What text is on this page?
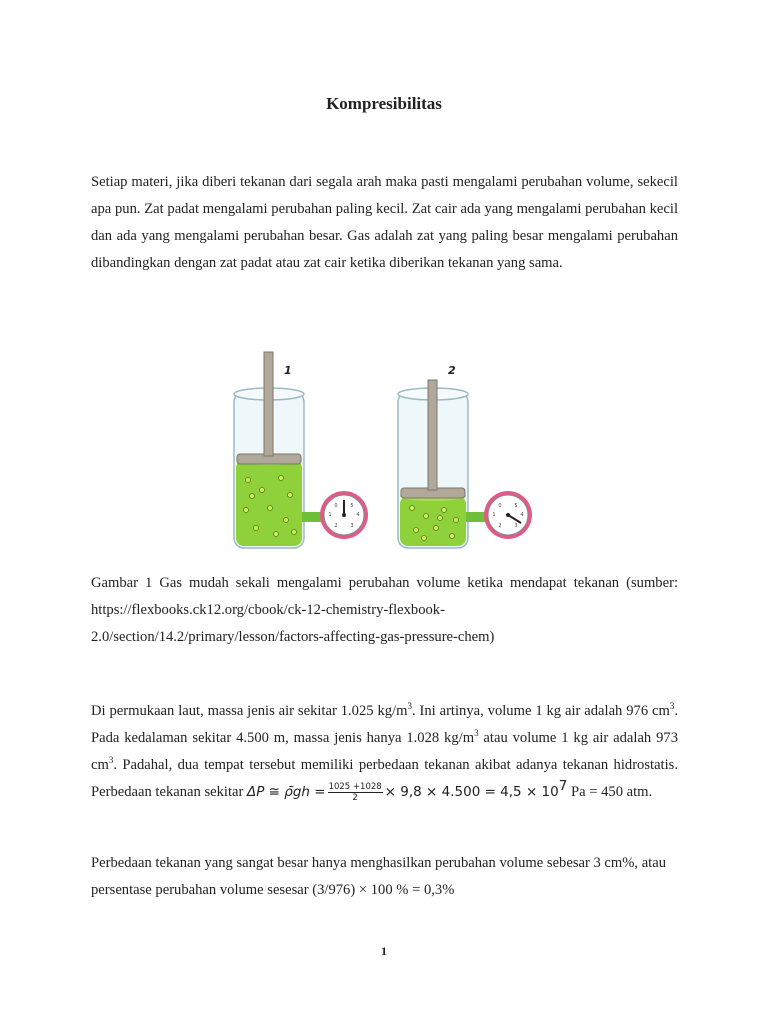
Kompresibilitas

Setiap materi, jika diberi tekanan dari segala arah maka pasti mengalami perubahan volume, sekecil apa pun. Zat padat mengalami perubahan paling kecil. Zat cair ada yang mengalami perubahan kecil dan ada yang mengalami perubahan besar. Gas adalah zat yang paling besar mengalami perubahan dibandingkan dengan zat padat atau zat cair ketika diberikan tekanan yang sama.

1
0
1
2	3
4
5
2
0
1
2	3
4
5

Gambar 1 Gas mudah sekali mengalami perubahan volume ketika mendapat tekanan (sumber:
https://flexbooks.ck12.org/cbook/ck-12-chemistry-flexbook-
2.0/section/14.2/primary/lesson/factors-affecting-gas-pressure-chem)

Di permukaan laut, massa jenis air sekitar 1.025 $kg/m^3$. Ini artinya, volume 1 kg air adalah 976 $cm^3$. Pada kedalaman sekitar 4.500 m, massa jenis hanya 1.028 $kg/m^3$ atau volume 1 kg air adalah 973 $cm^3$. Padahal, dua tempat tersebut memiliki perbedaan tekanan akibat adanya tekanan hidrostatis. Perbedaan tekanan sekitar ΔP ≅ ρ̄gh = $\frac{1025 +1028}{2} \times 9,8 \times 4.500 = 4,5 \times 10^7$ Pa = 450 atm.

Perbedaan tekanan yang sangat besar hanya menghasilkan perubahan volume sebesar 3 cm%, atau persentase perubahan volume sesesar (3/976) × 100 % = 0,3%

1
